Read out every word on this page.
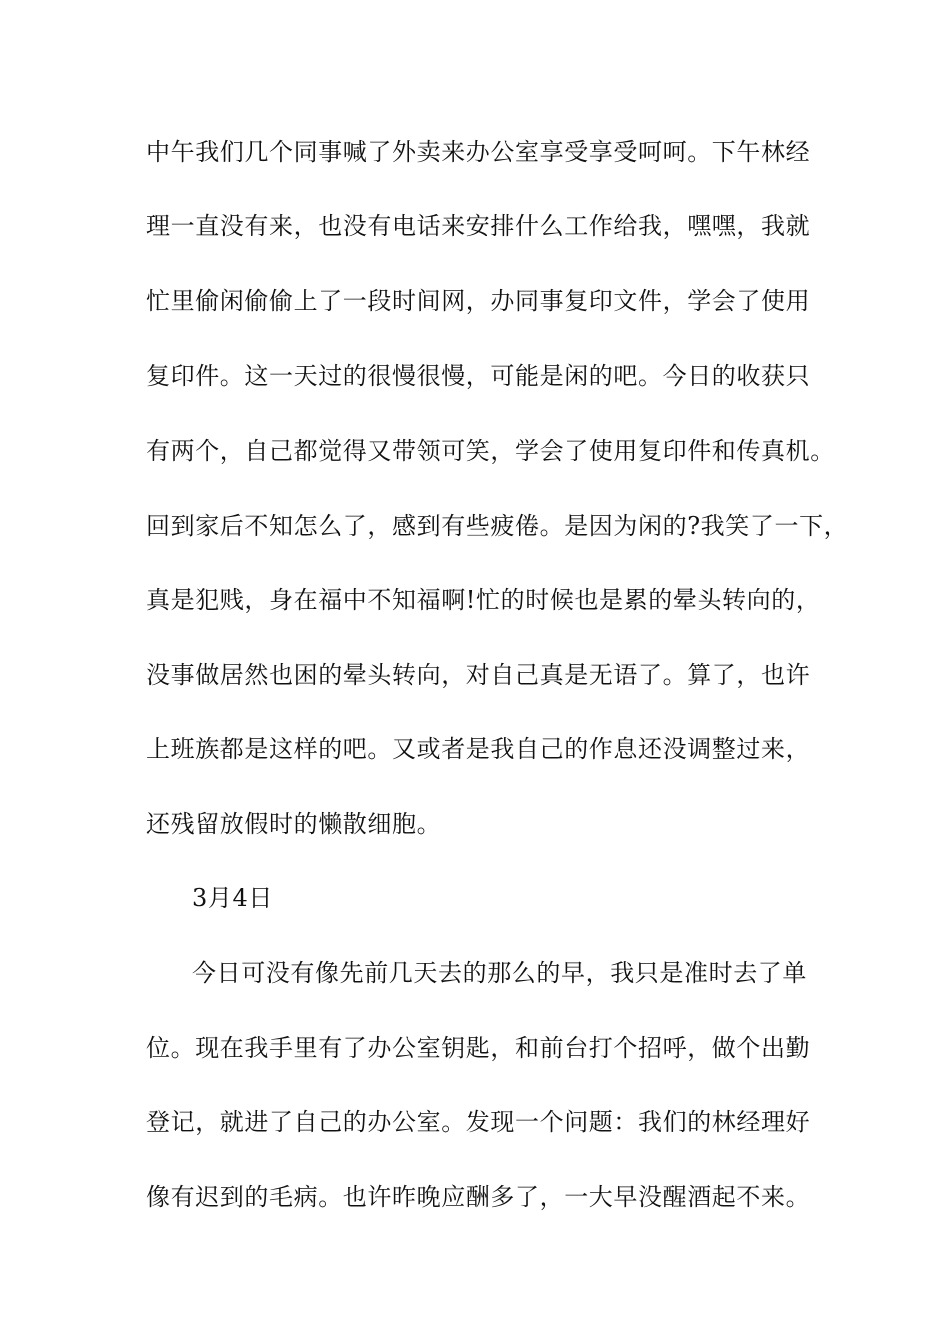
中午我们几个同事喊了外卖来办公室享受享受呵呵。下午林经

理一直没有来，也没有电话来安排什么工作给我，嘿嘿，我就

忙里偷闲偷偷上了一段时间网，办同事复印文件，学会了使用

复印件。这一天过的很慢很慢，可能是闲的吧。今日的收获只

有两个，自己都觉得又带领可笑，学会了使用复印件和传真机。

回到家后不知怎么了，感到有些疲倦。是因为闲的?我笑了一下，

真是犯贱，身在福中不知福啊!忙的时候也是累的晕头转向的，

没事做居然也困的晕头转向，对自己真是无语了。算了，也许

上班族都是这样的吧。又或者是我自己的作息还没调整过来，

还残留放假时的懒散细胞。

3月4日

今日可没有像先前几天去的那么的早，我只是准时去了单

位。现在我手里有了办公室钥匙，和前台打个招呼，做个出勤

登记，就进了自己的办公室。发现一个问题：我们的林经理好

像有迟到的毛病。也许昨晚应酬多了，一大早没醒酒起不来。
